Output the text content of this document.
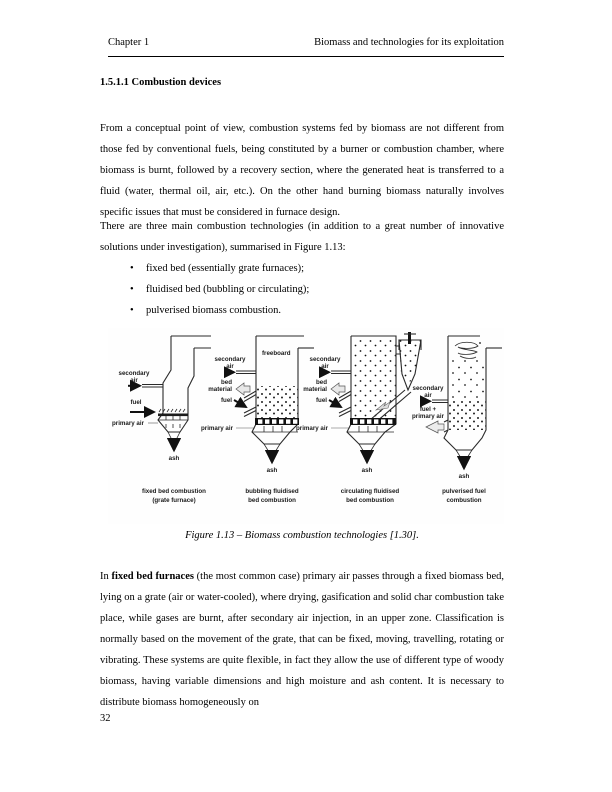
Chapter 1	Biomass and technologies for its exploitation
1.5.1.1 Combustion devices

From a conceptual point of view, combustion systems fed by biomass are not different from those fed by conventional fuels, being constituted by a burner or combustion chamber, where biomass is burnt, followed by a recovery section, where the generated heat is transferred to a fluid (water, thermal oil, air, etc.). On the other hand burning biomass naturally involves specific issues that must be considered in furnace design.

There are three main combustion technologies (in addition to a great number of innovative solutions under investigation), summarised in Figure 1.13:

• fixed bed (essentially grate furnaces);
• fluidised bed (bubbling or circulating);
• pulverised biomass combustion.
secondary
air
fuel
primary air
ash
fixed bed combustion
(grate furnace)
freeboard
secondary
air
bed
material
fuel
primary air
ash
bubbling fluidised
bed combustion
secondary
air
bed
material
fuel
primary air
ash
circulating fluidised
bed combustion
secondary
air
fuel +
primary air
ash
pulverised fuel
combustion
Figure 1.13 – Biomass combustion technologies [1.30].

In fixed bed furnaces (the most common case) primary air passes through a fixed biomass bed, lying on a grate (air or water-cooled), where drying, gasification and solid char combustion take place, while gases are burnt, after secondary air injection, in an upper zone. Classification is normally based on the movement of the grate, that can be fixed, moving, travelling, rotating or vibrating. These systems are quite flexible, in fact they allow the use of different type of woody biomass, having variable dimensions and high moisture and ash content. It is necessary to distribute biomass homogeneously on

32
